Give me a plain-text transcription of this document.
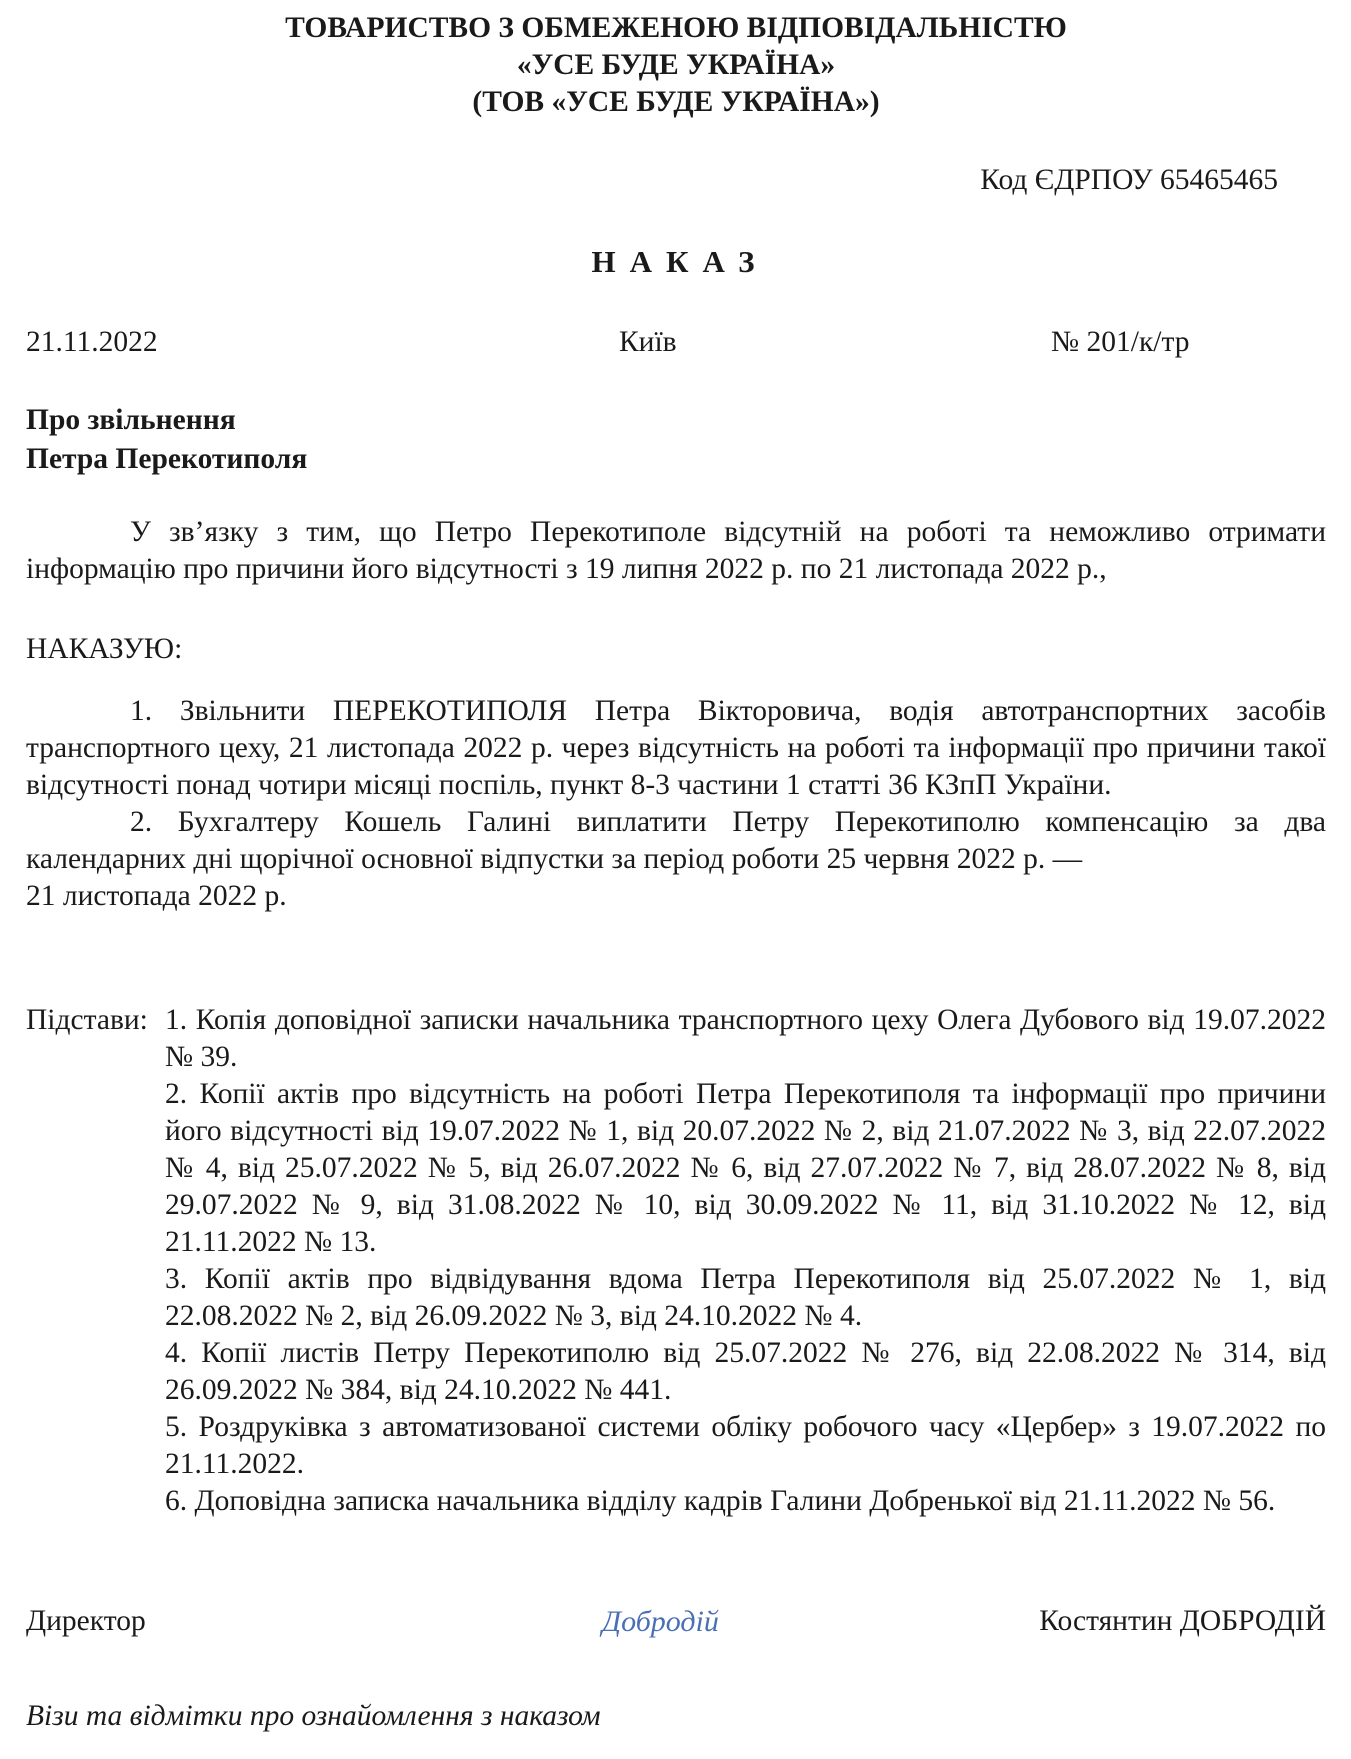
ТОВАРИСТВО З ОБМЕЖЕНОЮ ВІДПОВІДАЛЬНІСТЮ
«УСЕ БУДЕ УКРАЇНА»
(ТОВ «УСЕ БУДЕ УКРАЇНА»)
Код ЄДРПОУ 65465465
НАКАЗ
21.11.2022	Київ	№ 201/к/тр
Про звільнення
Петра Перекотиполя
У зв’язку з тим, що Петро Перекотиполе відсутній на роботі та неможливо отримати інформацію про причини його відсутності з 19 липня 2022 р. по 21 листопада 2022 р.,
НАКАЗУЮ:

1. Звільнити ПЕРЕКОТИПОЛЯ Петра Вікторовича, водія автотранспортних засобів транспортного цеху, 21 листопада 2022 р. через відсутність на роботі та інформації про причини такої відсутності понад чотири місяці поспіль, пункт 8-3 частини 1 статті 36 КЗпП України.

2. Бухгалтеру Кошель Галині виплатити Петру Перекотиполю компенсацію за два календарних дні щорічної основної відпустки за період роботи 25 червня 2022 р. —

21 листопада 2022 р.

Підстави: 1. Копія доповідної записки начальника транспортного цеху Олега Дубового від 19.07.2022 № 39.

2. Копії актів про відсутність на роботі Петра Перекотиполя та інформації про причини його відсутності від 19.07.2022 № 1, від 20.07.2022 № 2, від 21.07.2022 № 3, від 22.07.2022 № 4, від 25.07.2022 № 5, від 26.07.2022 № 6, від 27.07.2022 № 7, від 28.07.2022 № 8, від 29.07.2022 № 9, від 31.08.2022 № 10, від 30.09.2022 № 11, від 31.10.2022 № 12, від 21.11.2022 № 13.

3. Копії актів про відвідування вдома Петра Перекотиполя від 25.07.2022 № 1, від 22.08.2022 № 2, від 26.09.2022 № 3, від 24.10.2022 № 4.

4. Копії листів Петру Перекотиполю від 25.07.2022 № 276, від 22.08.2022 № 314, від 26.09.2022 № 384, від 24.10.2022 № 441.

5. Роздруківка з автоматизованої системи обліку робочого часу «Цербер» з 19.07.2022 по 21.11.2022.

6. Доповідна записка начальника відділу кадрів Галини Добренької від 21.11.2022 № 56.

Директор	Добродій	Костянтин ДОБРОДІЙ
Візи та відмітки про ознайомлення з наказом
